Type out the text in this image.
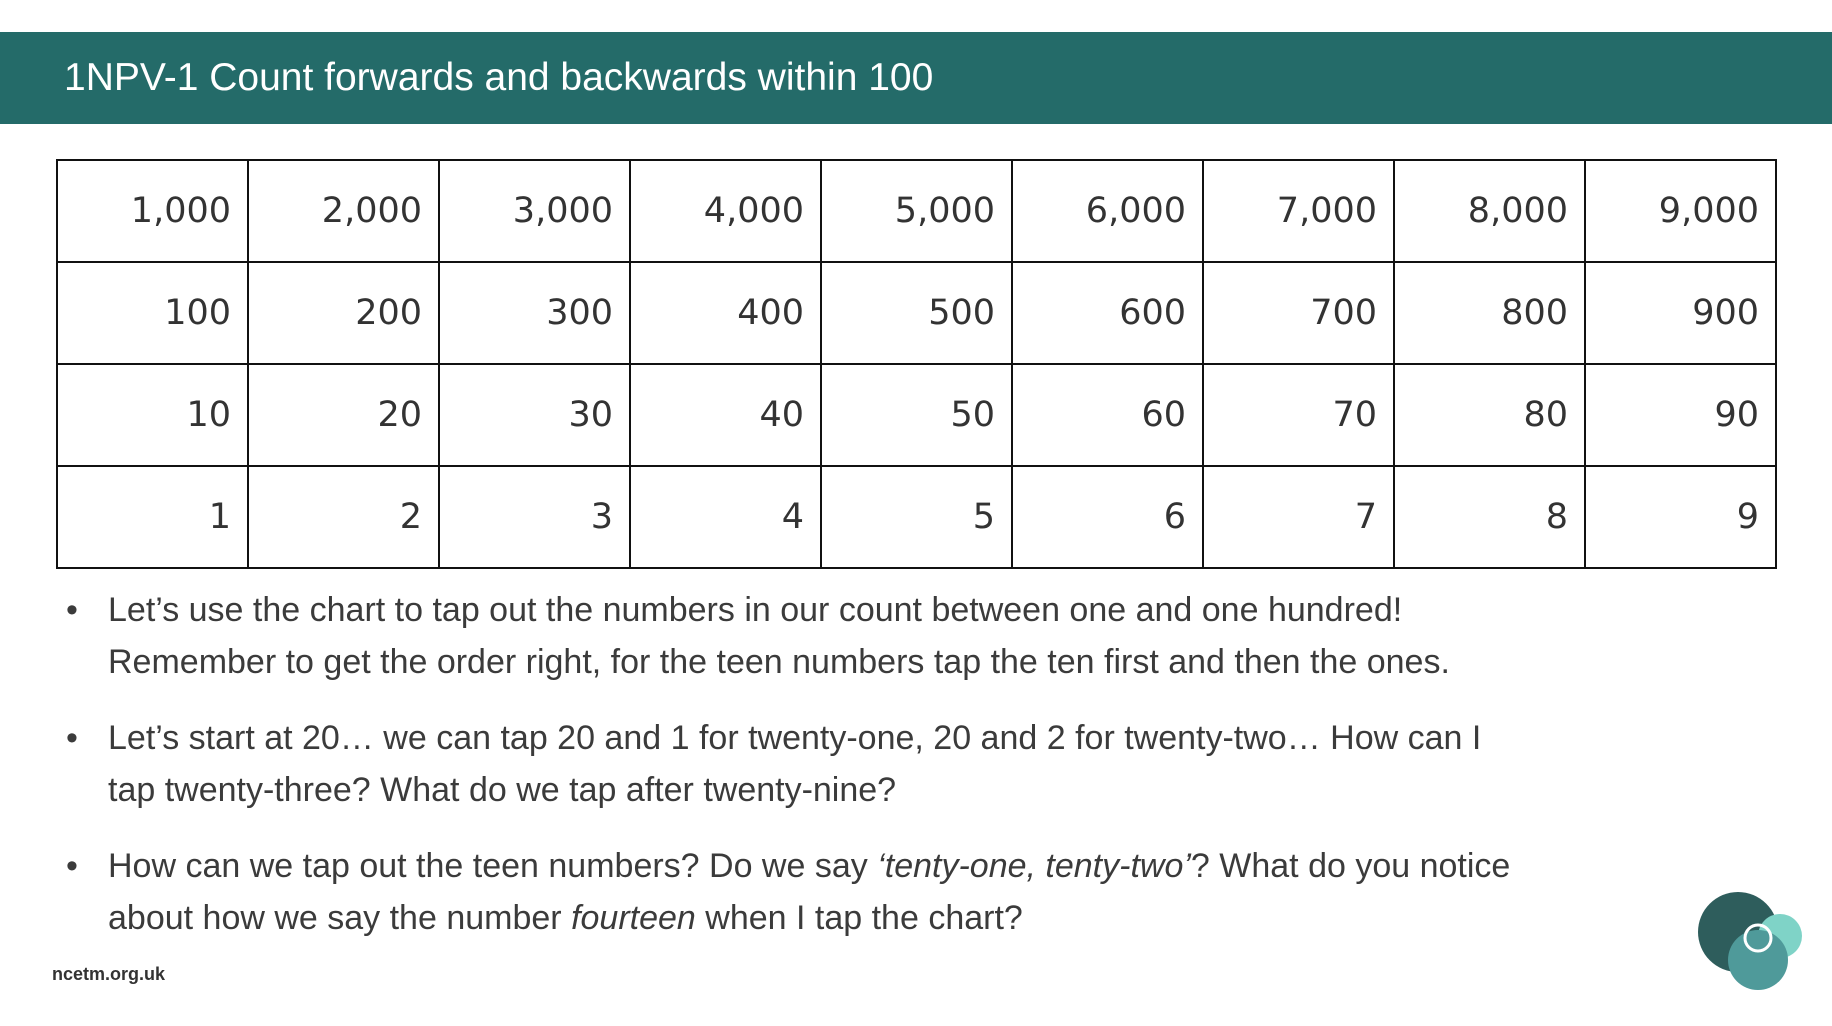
1NPV-1 Count forwards and backwards within 100
1,000	2,000	3,000	4,000	5,000	6,000	7,000	8,000	9,000
100	200	300	400	500	600	700	800	900
10	20	30	40	50	60	70	80	90
1	2	3	4	5	6	7	8	9
• Let’s use the chart to tap out the numbers in our count between one and one hundred!
Remember to get the order right, for the teen numbers tap the ten first and then the ones.
• Let’s start at 20… we can tap 20 and 1 for twenty-one, 20 and 2 for twenty-two… How can I
tap twenty-three? What do we tap after twenty-nine?
• How can we tap out the teen numbers? Do we say ‘tenty-one, tenty-two’? What do you notice
about how we say the number fourteen when I tap the chart?
ncetm.org.uk
